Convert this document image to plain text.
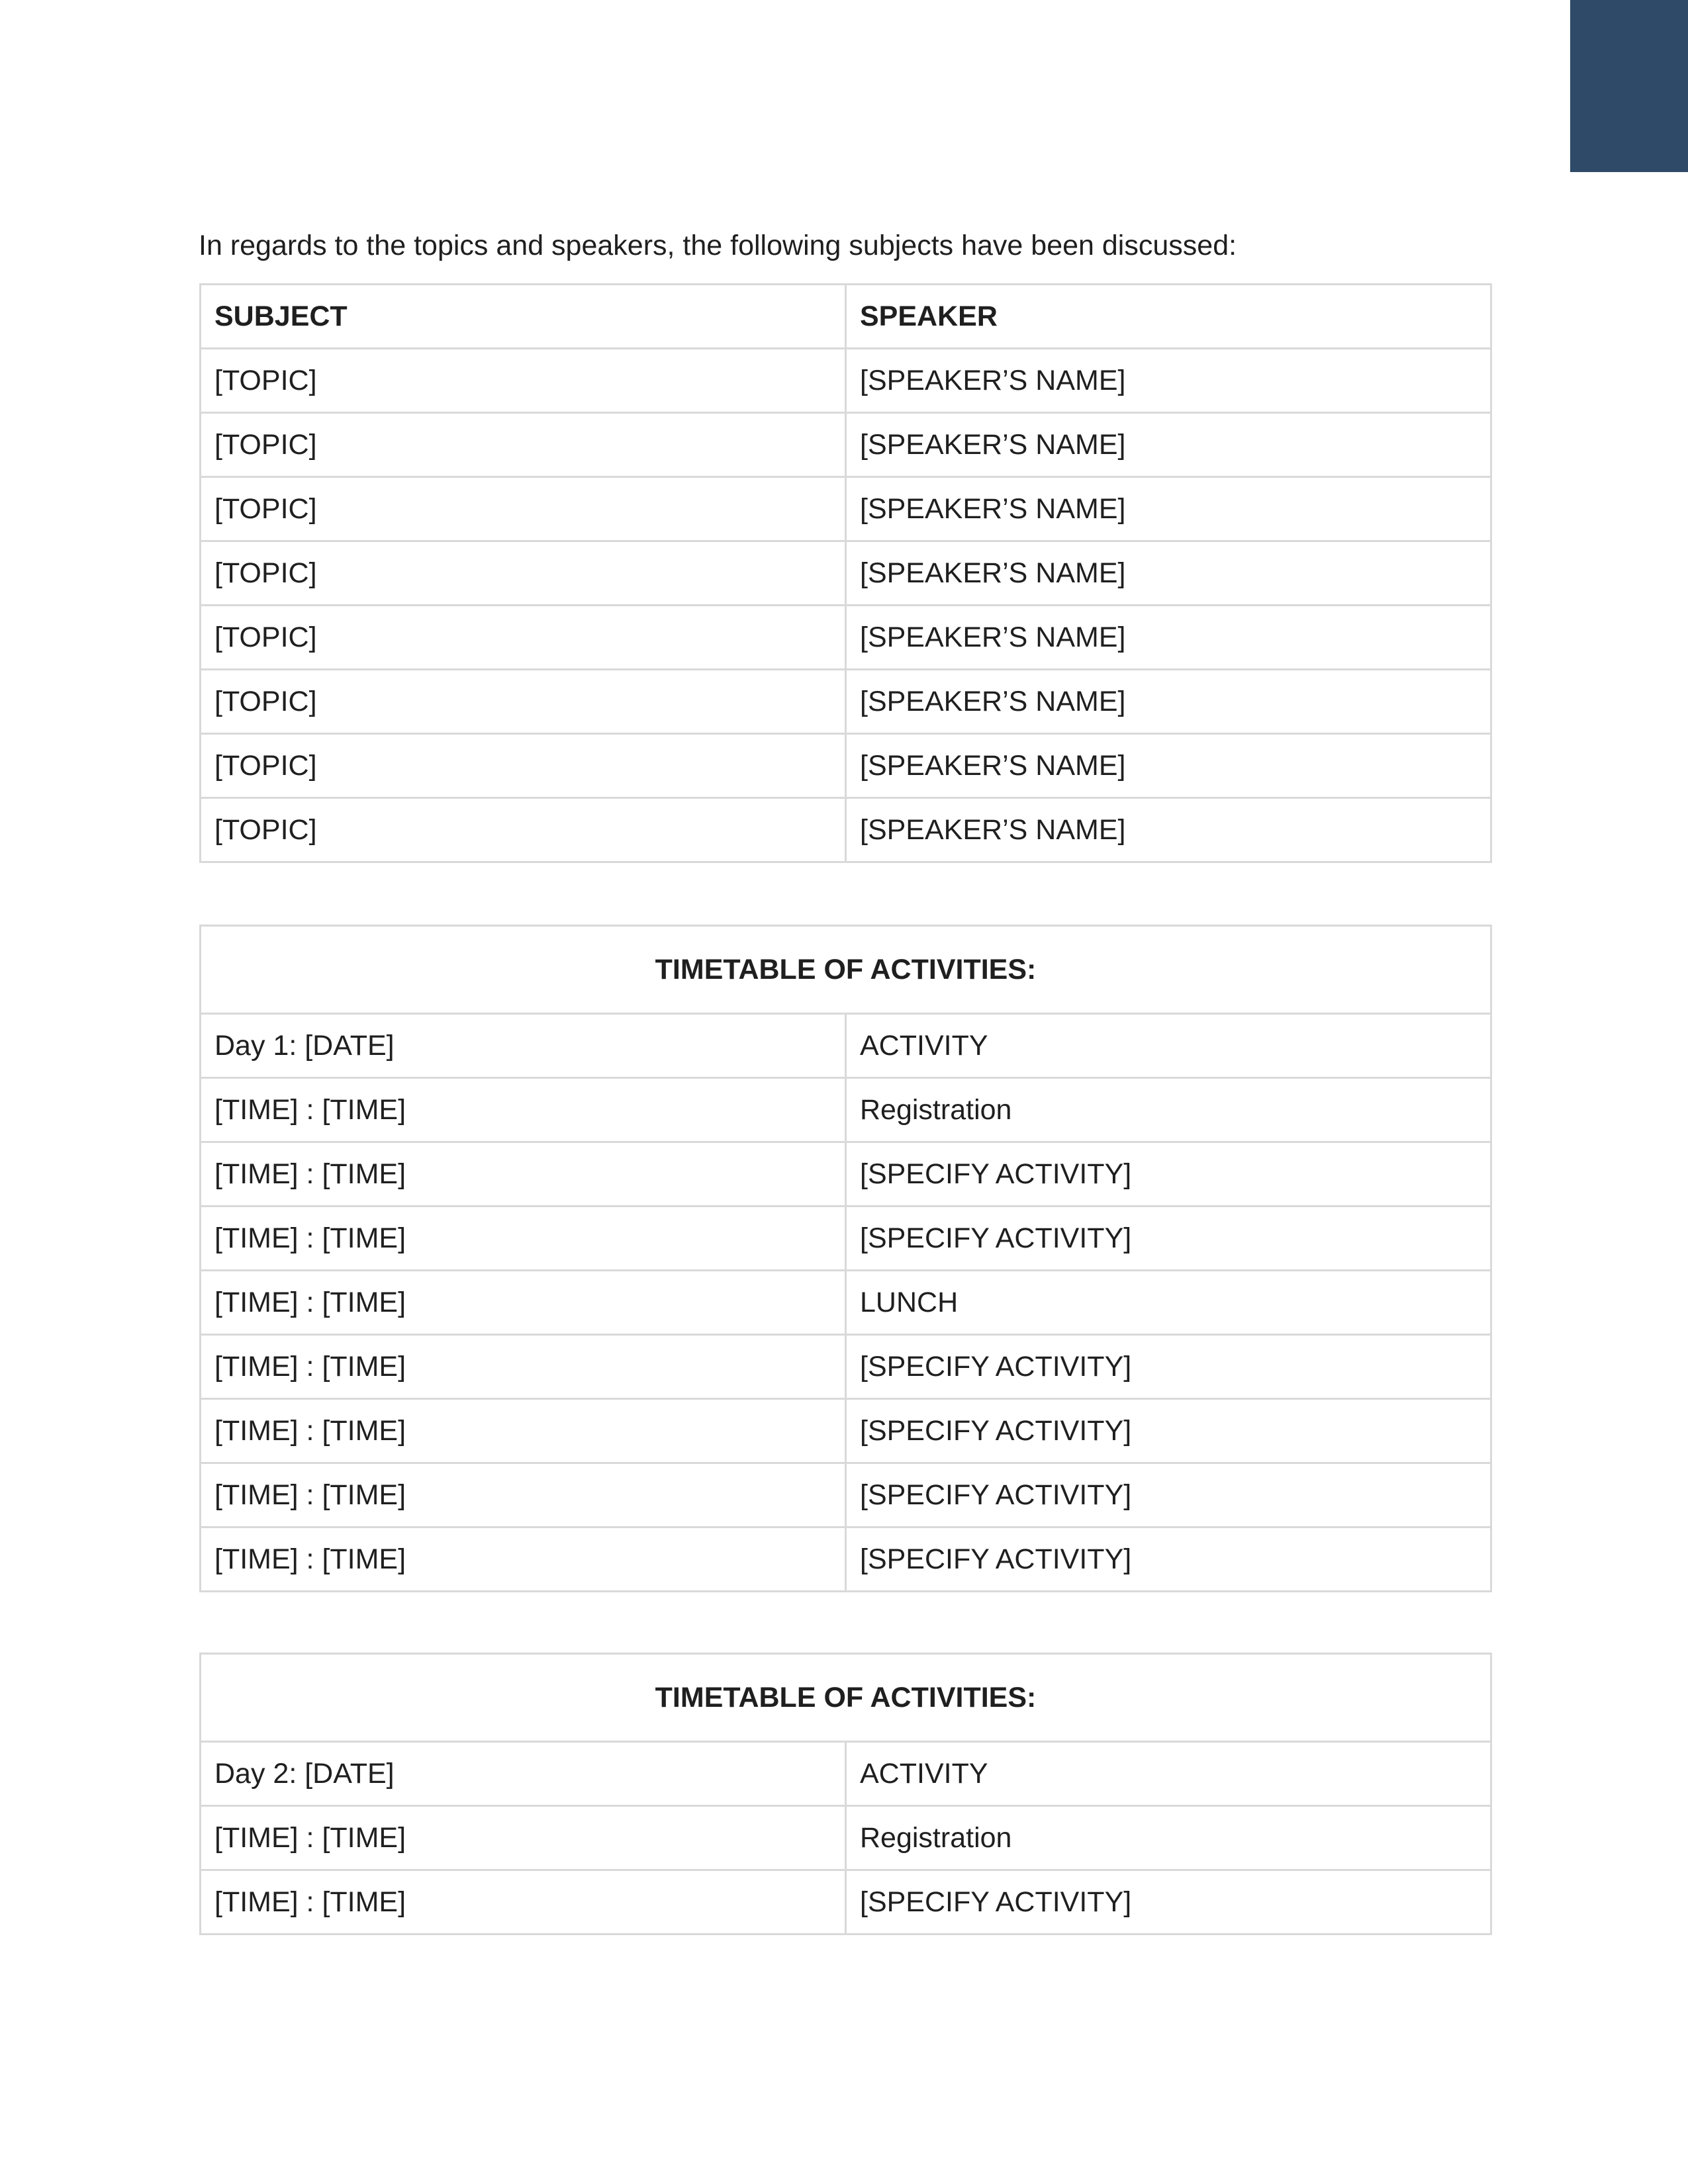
In regards to the topics and speakers, the following subjects have been discussed:

SUBJECT	SPEAKER
[TOPIC]	[SPEAKER’S NAME]
[TOPIC]	[SPEAKER’S NAME]
[TOPIC]	[SPEAKER’S NAME]
[TOPIC]	[SPEAKER’S NAME]
[TOPIC]	[SPEAKER’S NAME]
[TOPIC]	[SPEAKER’S NAME]
[TOPIC]	[SPEAKER’S NAME]
[TOPIC]	[SPEAKER’S NAME]
TIMETABLE OF ACTIVITIES:	
Day 1: [DATE]	ACTIVITY
[TIME] : [TIME]	Registration
[TIME] : [TIME]	[SPECIFY ACTIVITY]
[TIME] : [TIME]	[SPECIFY ACTIVITY]
[TIME] : [TIME]	LUNCH
[TIME] : [TIME]	[SPECIFY ACTIVITY]
[TIME] : [TIME]	[SPECIFY ACTIVITY]
[TIME] : [TIME]	[SPECIFY ACTIVITY]
[TIME] : [TIME]	[SPECIFY ACTIVITY]
TIMETABLE OF ACTIVITIES:	
Day 2: [DATE]	ACTIVITY
[TIME] : [TIME]	Registration
[TIME] : [TIME]	[SPECIFY ACTIVITY]
